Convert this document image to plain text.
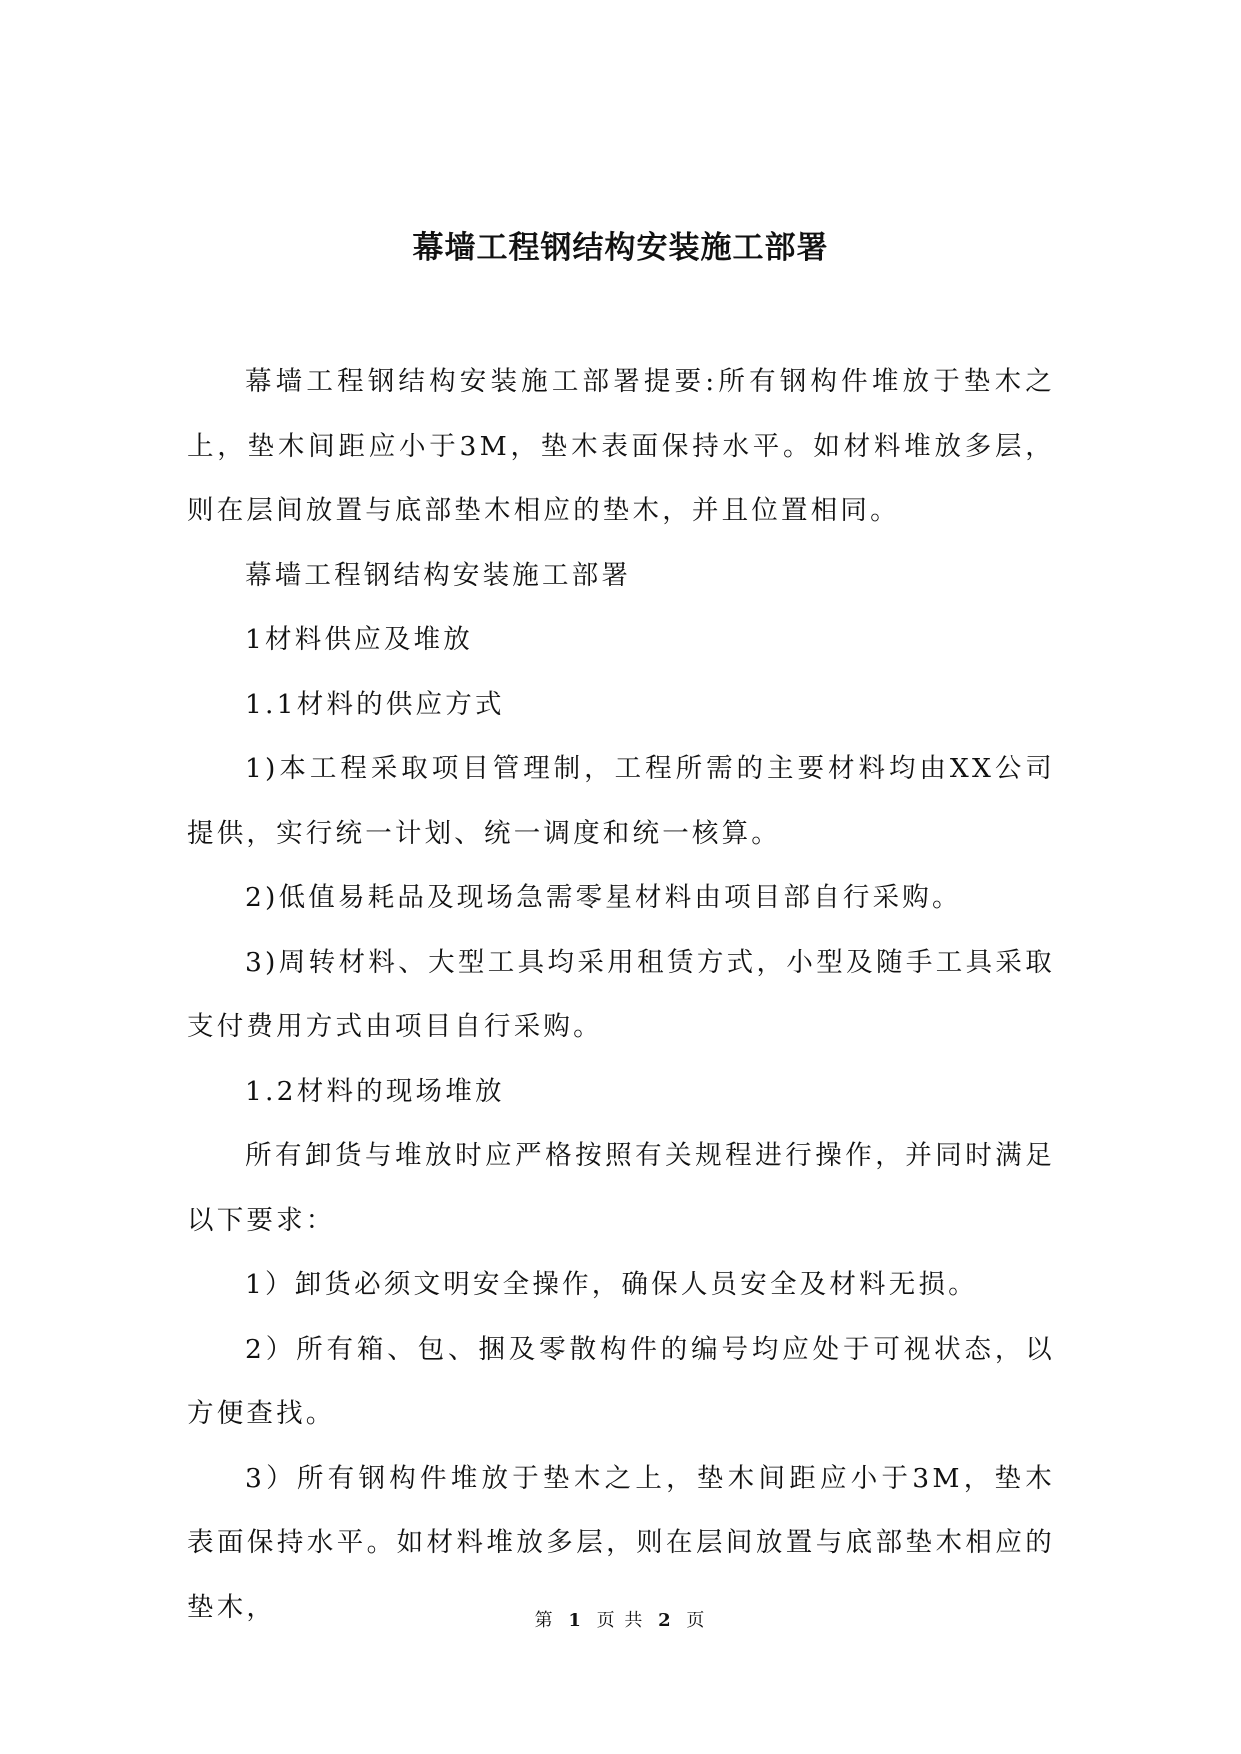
幕墙工程钢结构安装施工部署

幕墙工程钢结构安装施工部署提要:所有钢构件堆放于垫木之上，垫木间距应小于3M，垫木表面保持水平。如材料堆放多层，则在层间放置与底部垫木相应的垫木，并且位置相同。

幕墙工程钢结构安装施工部署

1材料供应及堆放

1.1材料的供应方式

1)本工程采取项目管理制，工程所需的主要材料均由XX公司提供，实行统一计划、统一调度和统一核算。

2)低值易耗品及现场急需零星材料由项目部自行采购。

3)周转材料、大型工具均采用租赁方式，小型及随手工具采取支付费用方式由项目自行采购。

1.2材料的现场堆放

所有卸货与堆放时应严格按照有关规程进行操作，并同时满足以下要求：

1）卸货必须文明安全操作，确保人员安全及材料无损。

2）所有箱、包、捆及零散构件的编号均应处于可视状态，以方便查找。

3）所有钢构件堆放于垫木之上，垫木间距应小于3M，垫木表面保持水平。如材料堆放多层，则在层间放置与底部垫木相应的垫木，	第 1 页 共 2 页
